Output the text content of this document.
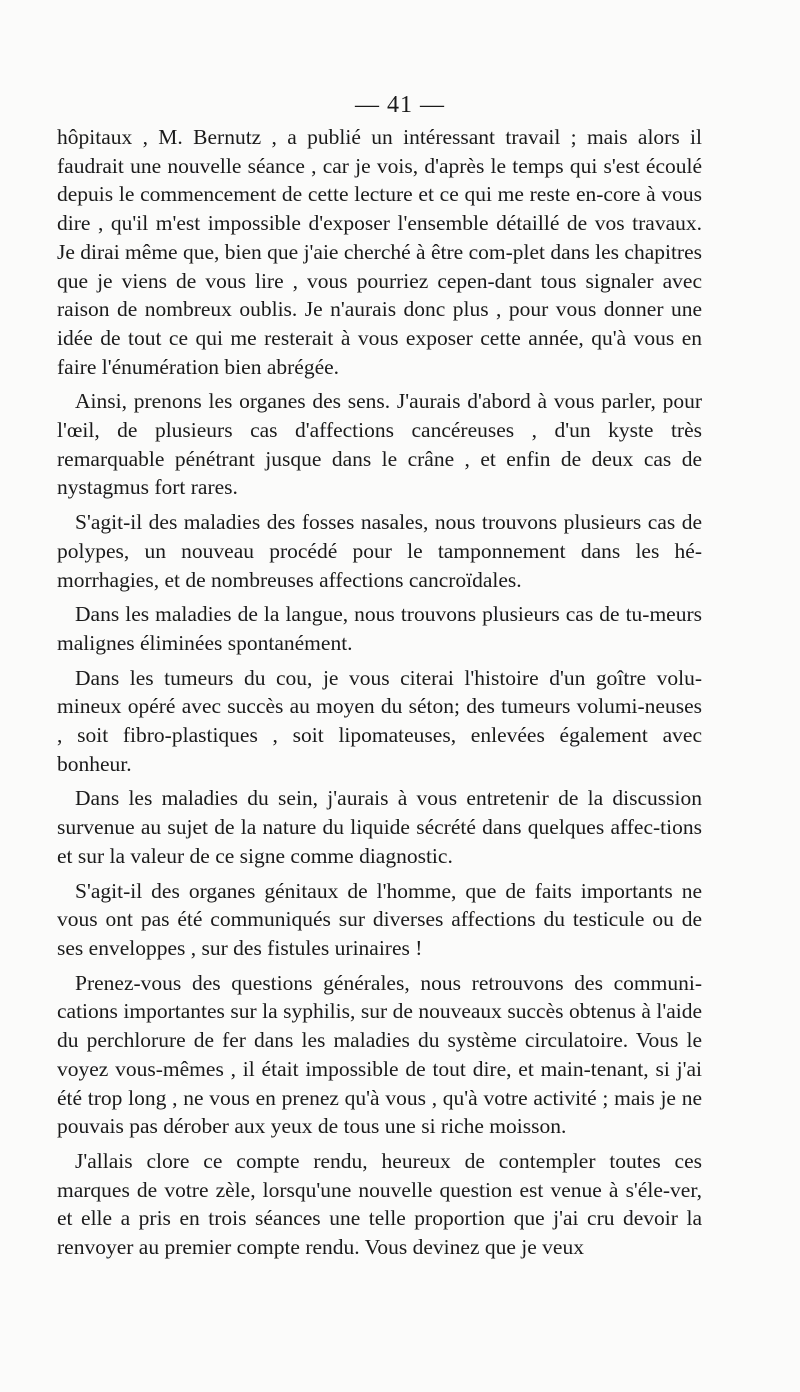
— 41 —

hôpitaux , M. Bernutz , a publié un intéressant travail ; mais alors il faudrait une nouvelle séance , car je vois, d'après le temps qui s'est écoulé depuis le commencement de cette lecture et ce qui me reste en-core à vous dire , qu'il m'est impossible d'exposer l'ensemble détaillé de vos travaux. Je dirai même que, bien que j'aie cherché à être com-plet dans les chapitres que je viens de vous lire , vous pourriez cepen-dant tous signaler avec raison de nombreux oublis. Je n'aurais donc plus , pour vous donner une idée de tout ce qui me resterait à vous exposer cette année, qu'à vous en faire l'énumération bien abrégée.

Ainsi, prenons les organes des sens. J'aurais d'abord à vous parler, pour l'œil, de plusieurs cas d'affections cancéreuses , d'un kyste très remarquable pénétrant jusque dans le crâne , et enfin de deux cas de nystagmus fort rares.

S'agit-il des maladies des fosses nasales, nous trouvons plusieurs cas de polypes, un nouveau procédé pour le tamponnement dans les hé-morrhagies, et de nombreuses affections cancroïdales.

Dans les maladies de la langue, nous trouvons plusieurs cas de tu-meurs malignes éliminées spontanément.

Dans les tumeurs du cou, je vous citerai l'histoire d'un goître volu-mineux opéré avec succès au moyen du séton; des tumeurs volumi-neuses , soit fibro-plastiques , soit lipomateuses, enlevées également avec bonheur.

Dans les maladies du sein, j'aurais à vous entretenir de la discussion survenue au sujet de la nature du liquide sécrété dans quelques affec-tions et sur la valeur de ce signe comme diagnostic.

S'agit-il des organes génitaux de l'homme, que de faits importants ne vous ont pas été communiqués sur diverses affections du testicule ou de ses enveloppes , sur des fistules urinaires !

Prenez-vous des questions générales, nous retrouvons des communi-cations importantes sur la syphilis, sur de nouveaux succès obtenus à l'aide du perchlorure de fer dans les maladies du système circulatoire. Vous le voyez vous-mêmes , il était impossible de tout dire, et main-tenant, si j'ai été trop long , ne vous en prenez qu'à vous , qu'à votre activité ; mais je ne pouvais pas dérober aux yeux de tous une si riche moisson.

J'allais clore ce compte rendu, heureux de contempler toutes ces marques de votre zèle, lorsqu'une nouvelle question est venue à s'éle-ver, et elle a pris en trois séances une telle proportion que j'ai cru devoir la renvoyer au premier compte rendu. Vous devinez que je veux
